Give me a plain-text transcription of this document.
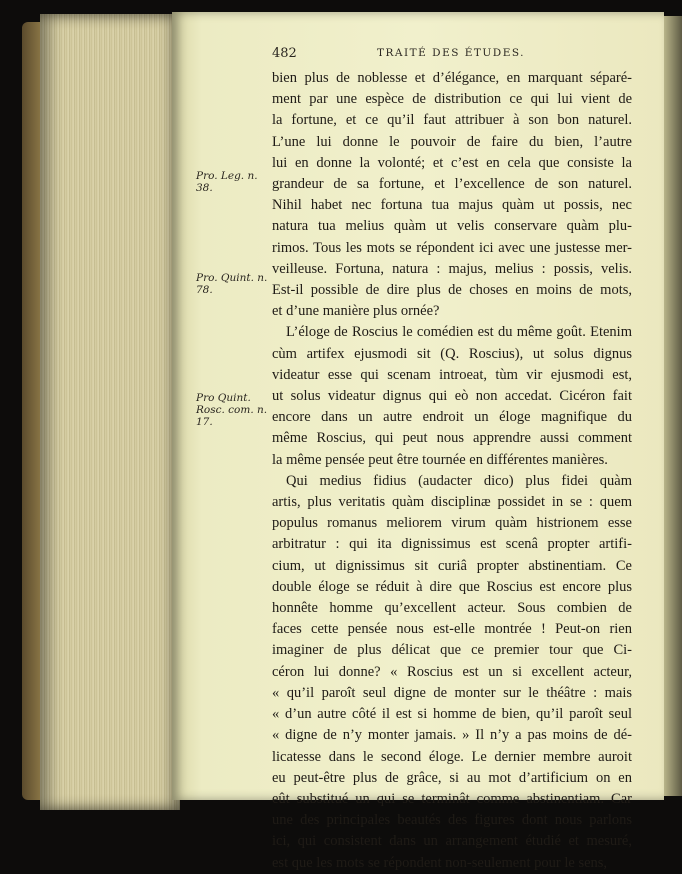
482	TRAITÉ DES ÉTUDES.
Pro. Leg. n. 38.
Pro. Quint. n. 78.
Pro Quint. Rosc. com. n. 17.
bien plus de noblesse et d’élégance, en marquant séparé-
ment par une espèce de distribution ce qui lui vient de
la fortune, et ce qu’il faut attribuer à son bon naturel.
L’une lui donne le pouvoir de faire du bien, l’autre
lui en donne la volonté; et c’est en cela que consiste la
grandeur de sa fortune, et l’excellence de son naturel.
Nihil habet nec fortuna tua majus quàm ut possis, nec
natura tua melius quàm ut velis conservare quàm plu-
rimos. Tous les mots se répondent ici avec une justesse mer-
veilleuse. Fortuna, natura : majus, melius : possis, velis.
Est-il possible de dire plus de choses en moins de mots,
et d’une manière plus ornée?
L’éloge de Roscius le comédien est du même goût. Etenim
cùm artifex ejusmodi sit (Q. Roscius), ut solus dignus
videatur esse qui scenam introeat, tùm vir ejusmodi est,
ut solus videatur dignus qui eò non accedat. Cicéron fait
encore dans un autre endroit un éloge magnifique du
même Roscius, qui peut nous apprendre aussi comment
la même pensée peut être tournée en différentes manières.
Qui medius fidius (audacter dico) plus fidei quàm
artis, plus veritatis quàm disciplinæ possidet in se : quem
populus romanus meliorem virum quàm histrionem esse
arbitratur : qui ita dignissimus est scenâ propter artifi-
cium, ut dignissimus sit curiâ propter abstinentiam. Ce
double éloge se réduit à dire que Roscius est encore plus
honnête homme qu’excellent acteur. Sous combien de
faces cette pensée nous est-elle montrée ! Peut-on rien
imaginer de plus délicat que ce premier tour que Ci-
céron lui donne? « Roscius est un si excellent acteur,
« qu’il paroît seul digne de monter sur le théâtre : mais
« d’un autre côté il est si homme de bien, qu’il paroît seul
« digne de n’y monter jamais. » Il n’y a pas moins de dé-
licatesse dans le second éloge. Le dernier membre auroit
eu peut-être plus de grâce, si au mot d’artificium on en
eût substitué un qui se terminât comme abstinentiam. Car
une des principales beautés des figures dont nous parlons
ici, qui consistent dans un arrangement étudié et mesuré,
est que les mots se répondent non-seulement pour le sens,
